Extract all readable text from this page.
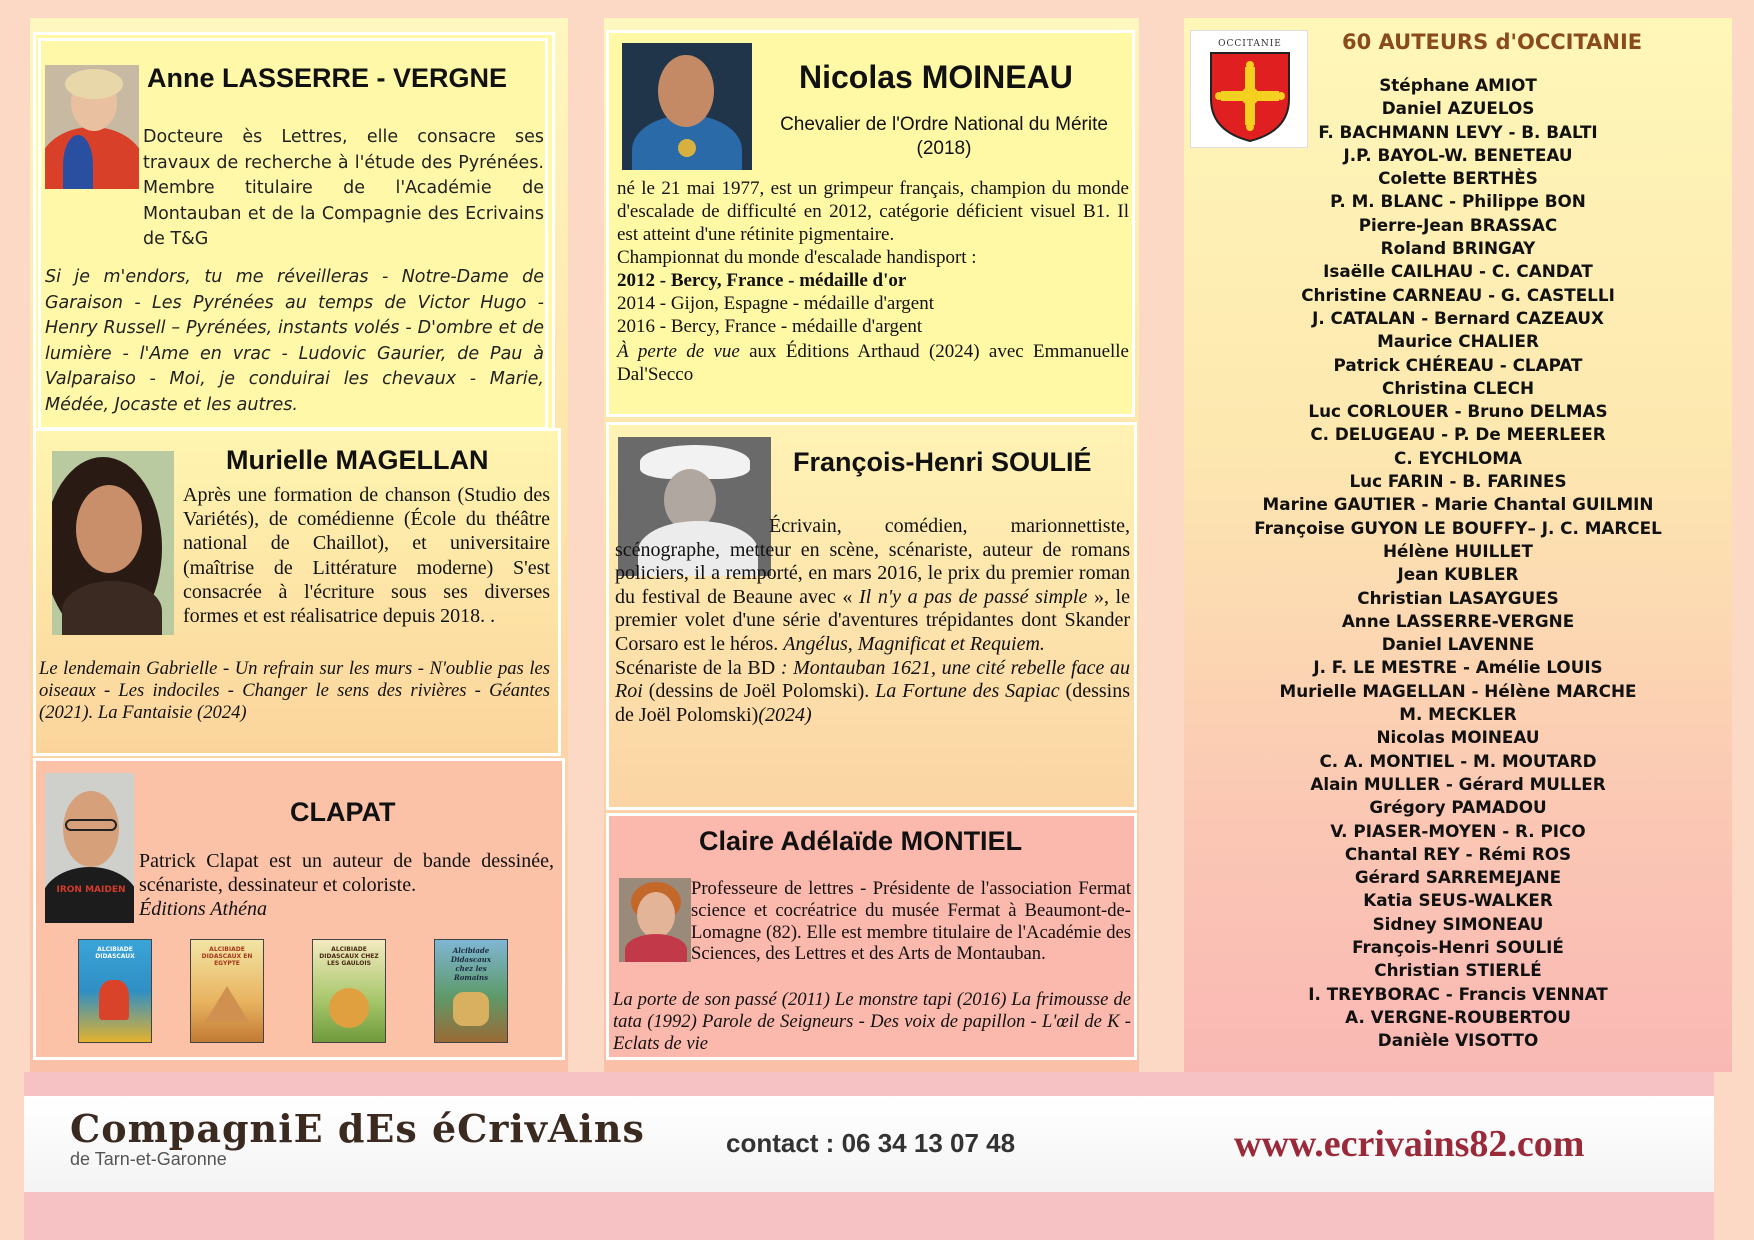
Anne LASSERRE - VERGNE

Docteure ès Lettres, elle consacre ses travaux de recherche à l'étude des Pyrénées. Membre titulaire de l'Académie de Montauban et de la Compagnie des Ecrivains de T&G

Si je m'endors, tu me réveilleras - Notre-Dame de Garaison - Les Pyrénées au temps de Victor Hugo - Henry Russell – Pyrénées, instants volés - D'ombre et de lumière - l'Ame en vrac - Ludovic Gaurier, de Pau à Valparaiso - Moi, je conduirai les chevaux - Marie, Médée, Jocaste et les autres.

Murielle MAGELLAN

Après une formation de chanson (Studio des Variétés), de comédienne (École du théâtre national de Chaillot), et universitaire (maîtrise de Littérature moderne) S'est consacrée à l'écriture sous ses diverses formes et est réalisatrice depuis 2018. .

Le lendemain Gabrielle - Un refrain sur les murs - N'oublie pas les oiseaux - Les indociles - Changer le sens des rivières - Géantes (2021). La Fantaisie (2024)

IRON MAIDEN
CLAPAT

Patrick Clapat est un auteur de bande dessinée, scénariste, dessinateur et coloriste.
Éditions Athéna

ALCIBIADE DIDASCAUX
ALCIBIADE DIDASCAUX EN EGYPTE
ALCIBIADE DIDASCAUX CHEZ LES GAULOIS
Alcibiade Didascaux chez les Romains
Nicolas MOINEAU
Chevalier de l'Ordre National du Mérite (2018)

né le 21 mai 1977, est un grimpeur français, champion du monde d'escalade de difficulté en 2012, catégorie déficient visuel B1. Il est atteint d'une rétinite pigmentaire.

Championnat du monde d'escalade handisport :

2012 - Bercy, France - médaille d'or

2014 - Gijon, Espagne - médaille d'argent

2016 - Bercy, France - médaille d'argent

À perte de vue aux Éditions Arthaud (2024) avec Emmanuelle Dal'Secco

François-Henri SOULIÉ

Écrivain, comédien, marionnettiste, scénographe, metteur en scène, scénariste, auteur de romans policiers, il a remporté, en mars 2016, le prix du premier roman du festival de Beaune avec « Il n'y a pas de passé simple », le premier volet d'une série d'aventures trépidantes dont Skander Corsaro est le héros. Angélus, Magnificat et Requiem.
Scénariste de la BD : Montauban 1621, une cité rebelle face au Roi (dessins de Joël Polomski). La Fortune des Sapiac (dessins de Joël Polomski)(2024)

Claire Adélaïde MONTIEL

Professeure de lettres - Présidente de l'association Fermat science et cocréatrice du musée Fermat à Beaumont-de-Lomagne (82). Elle est membre titulaire de l'Académie des Sciences, des Lettres et des Arts de Montauban.

La porte de son passé (2011) Le monstre tapi (2016) La frimousse de tata (1992) Parole de Seigneurs - Des voix de papillon - L'œil de K - Eclats de vie

OCCITANIE	60 AUTEURS d'OCCITANIE
Stéphane AMIOT
Daniel AZUELOS
F. BACHMANN LEVY - B. BALTI
J.P. BAYOL-W. BENETEAU
Colette BERTHÈS
P. M. BLANC - Philippe BON
Pierre-Jean BRASSAC
Roland BRINGAY
Isaëlle CAILHAU - C. CANDAT
Christine CARNEAU - G. CASTELLI
J. CATALAN - Bernard CAZEAUX
Maurice CHALIER
Patrick CHÉREAU - CLAPAT
Christina CLECH
Luc CORLOUER - Bruno DELMAS
C. DELUGEAU - P. De MEERLEER
C. EYCHLOMA
Luc FARIN - B. FARINES
Marine GAUTIER - Marie Chantal GUILMIN
Françoise GUYON LE BOUFFY– J. C. MARCEL
Hélène HUILLET
Jean KUBLER
Christian LASAYGUES
Anne LASSERRE-VERGNE
Daniel LAVENNE
J. F. LE MESTRE - Amélie LOUIS
Murielle MAGELLAN - Hélène MARCHE
M. MECKLER
Nicolas MOINEAU
C. A. MONTIEL - M. MOUTARD
Alain MULLER - Gérard MULLER
Grégory PAMADOU
V. PIASER-MOYEN - R. PICO
Chantal REY - Rémi ROS
Gérard SARREMEJANE
Katia SEUS-WALKER
Sidney SIMONEAU
François-Henri SOULIÉ
Christian STIERLÉ
I. TREYBORAC - Francis VENNAT
A. VERGNE-ROUBERTOU
Danièle VISOTTO
CompagniE dEs éCrivAins
de Tarn-et-Garonne
contact : 06 34 13 07 48	www.ecrivains82.com
